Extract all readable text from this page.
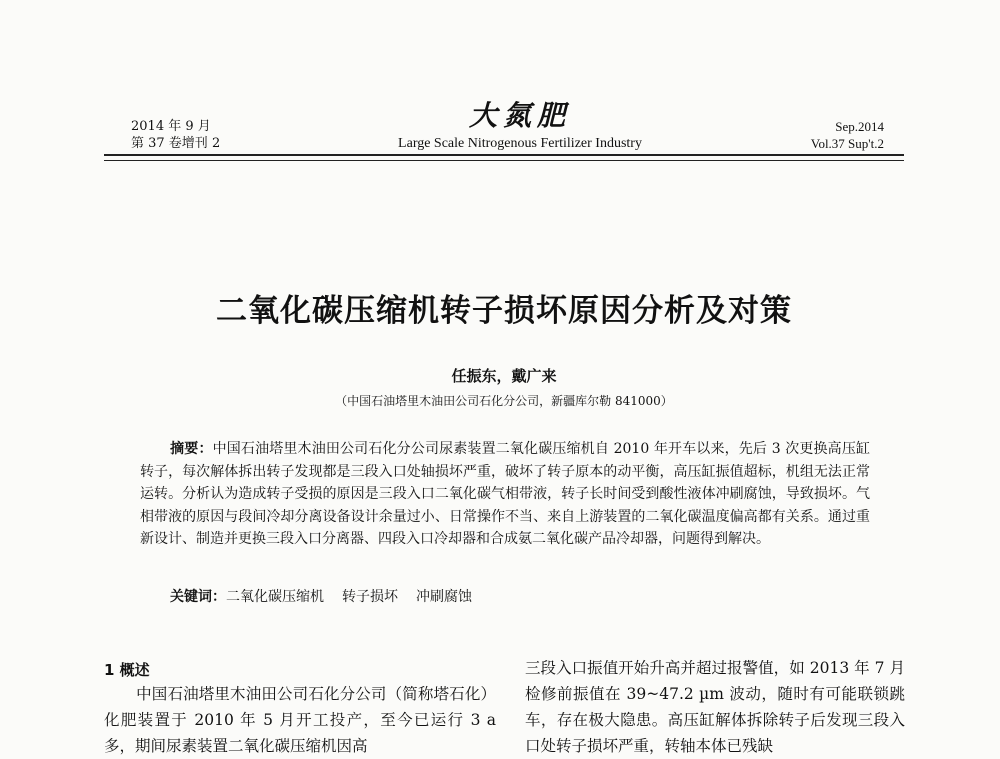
2014 年 9 月
第 37 卷增刊 2
大氮肥
Large Scale Nitrogenous Fertilizer Industry
Sep.2014
Vol.37 Sup't.2
二氧化碳压缩机转子损坏原因分析及对策
任振东，戴广来
（中国石油塔里木油田公司石化分公司，新疆库尔勒 841000）
摘要：中国石油塔里木油田公司石化分公司尿素装置二氧化碳压缩机自 2010 年开车以来，先后 3 次更换高压缸转子，每次解体拆出转子发现都是三段入口处轴损坏严重，破坏了转子原本的动平衡，高压缸振值超标，机组无法正常运转。分析认为造成转子受损的原因是三段入口二氧化碳气相带液，转子长时间受到酸性液体冲刷腐蚀，导致损坏。气相带液的原因与段间冷却分离设备设计余量过小、日常操作不当、来自上游装置的二氧化碳温度偏高都有关系。通过重新设计、制造并更换三段入口分离器、四段入口冷却器和合成氨二氧化碳产品冷却器，问题得到解决。
关键词：二氧化碳压缩机 转子损坏 冲刷腐蚀
1 概述
中国石油塔里木油田公司石化分公司（简称塔石化）化肥装置于 2010 年 5 月开工投产，至今已运行 3 a 多，期间尿素装置二氧化碳压缩机因高
三段入口振值开始升高并超过报警值，如 2013 年 7 月检修前振值在 39~47.2 µm 波动，随时有可能联锁跳车，存在极大隐患。高压缸解体拆除转子后发现三段入口处转子损坏严重，转轴本体已残缺
